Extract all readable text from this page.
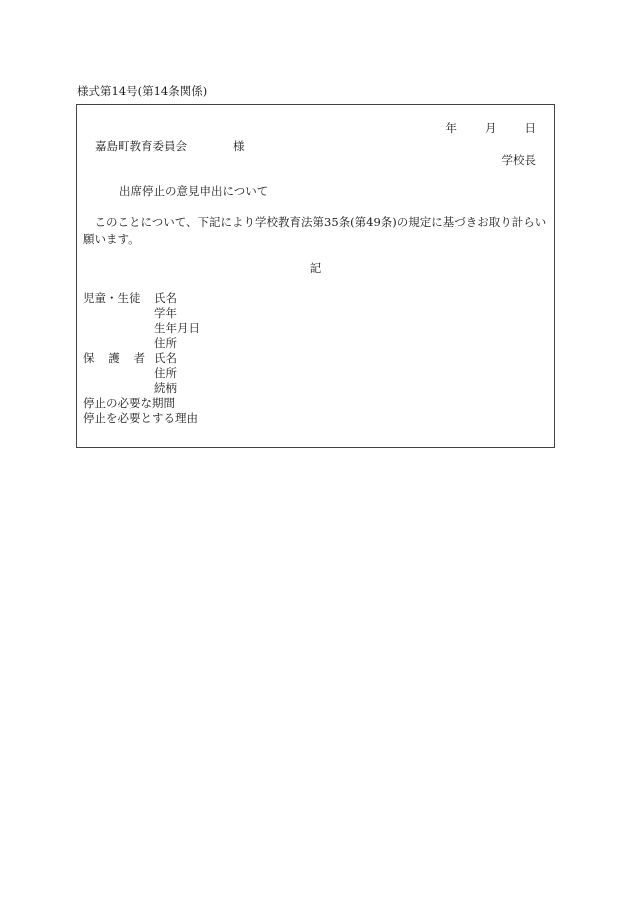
様式第14号(第14条関係)
年 月 日
嘉島町教育委員会	様
学校長
出席停止の意見申出について
このことについて、下記により学校教育法第35条(第49条)の規定に基づきお取り計らい願います。
記
児童・生徒 氏名
学年
生年月日
住所
保 護 者 氏名
住所
続柄
停止の必要な期間
停止を必要とする理由
